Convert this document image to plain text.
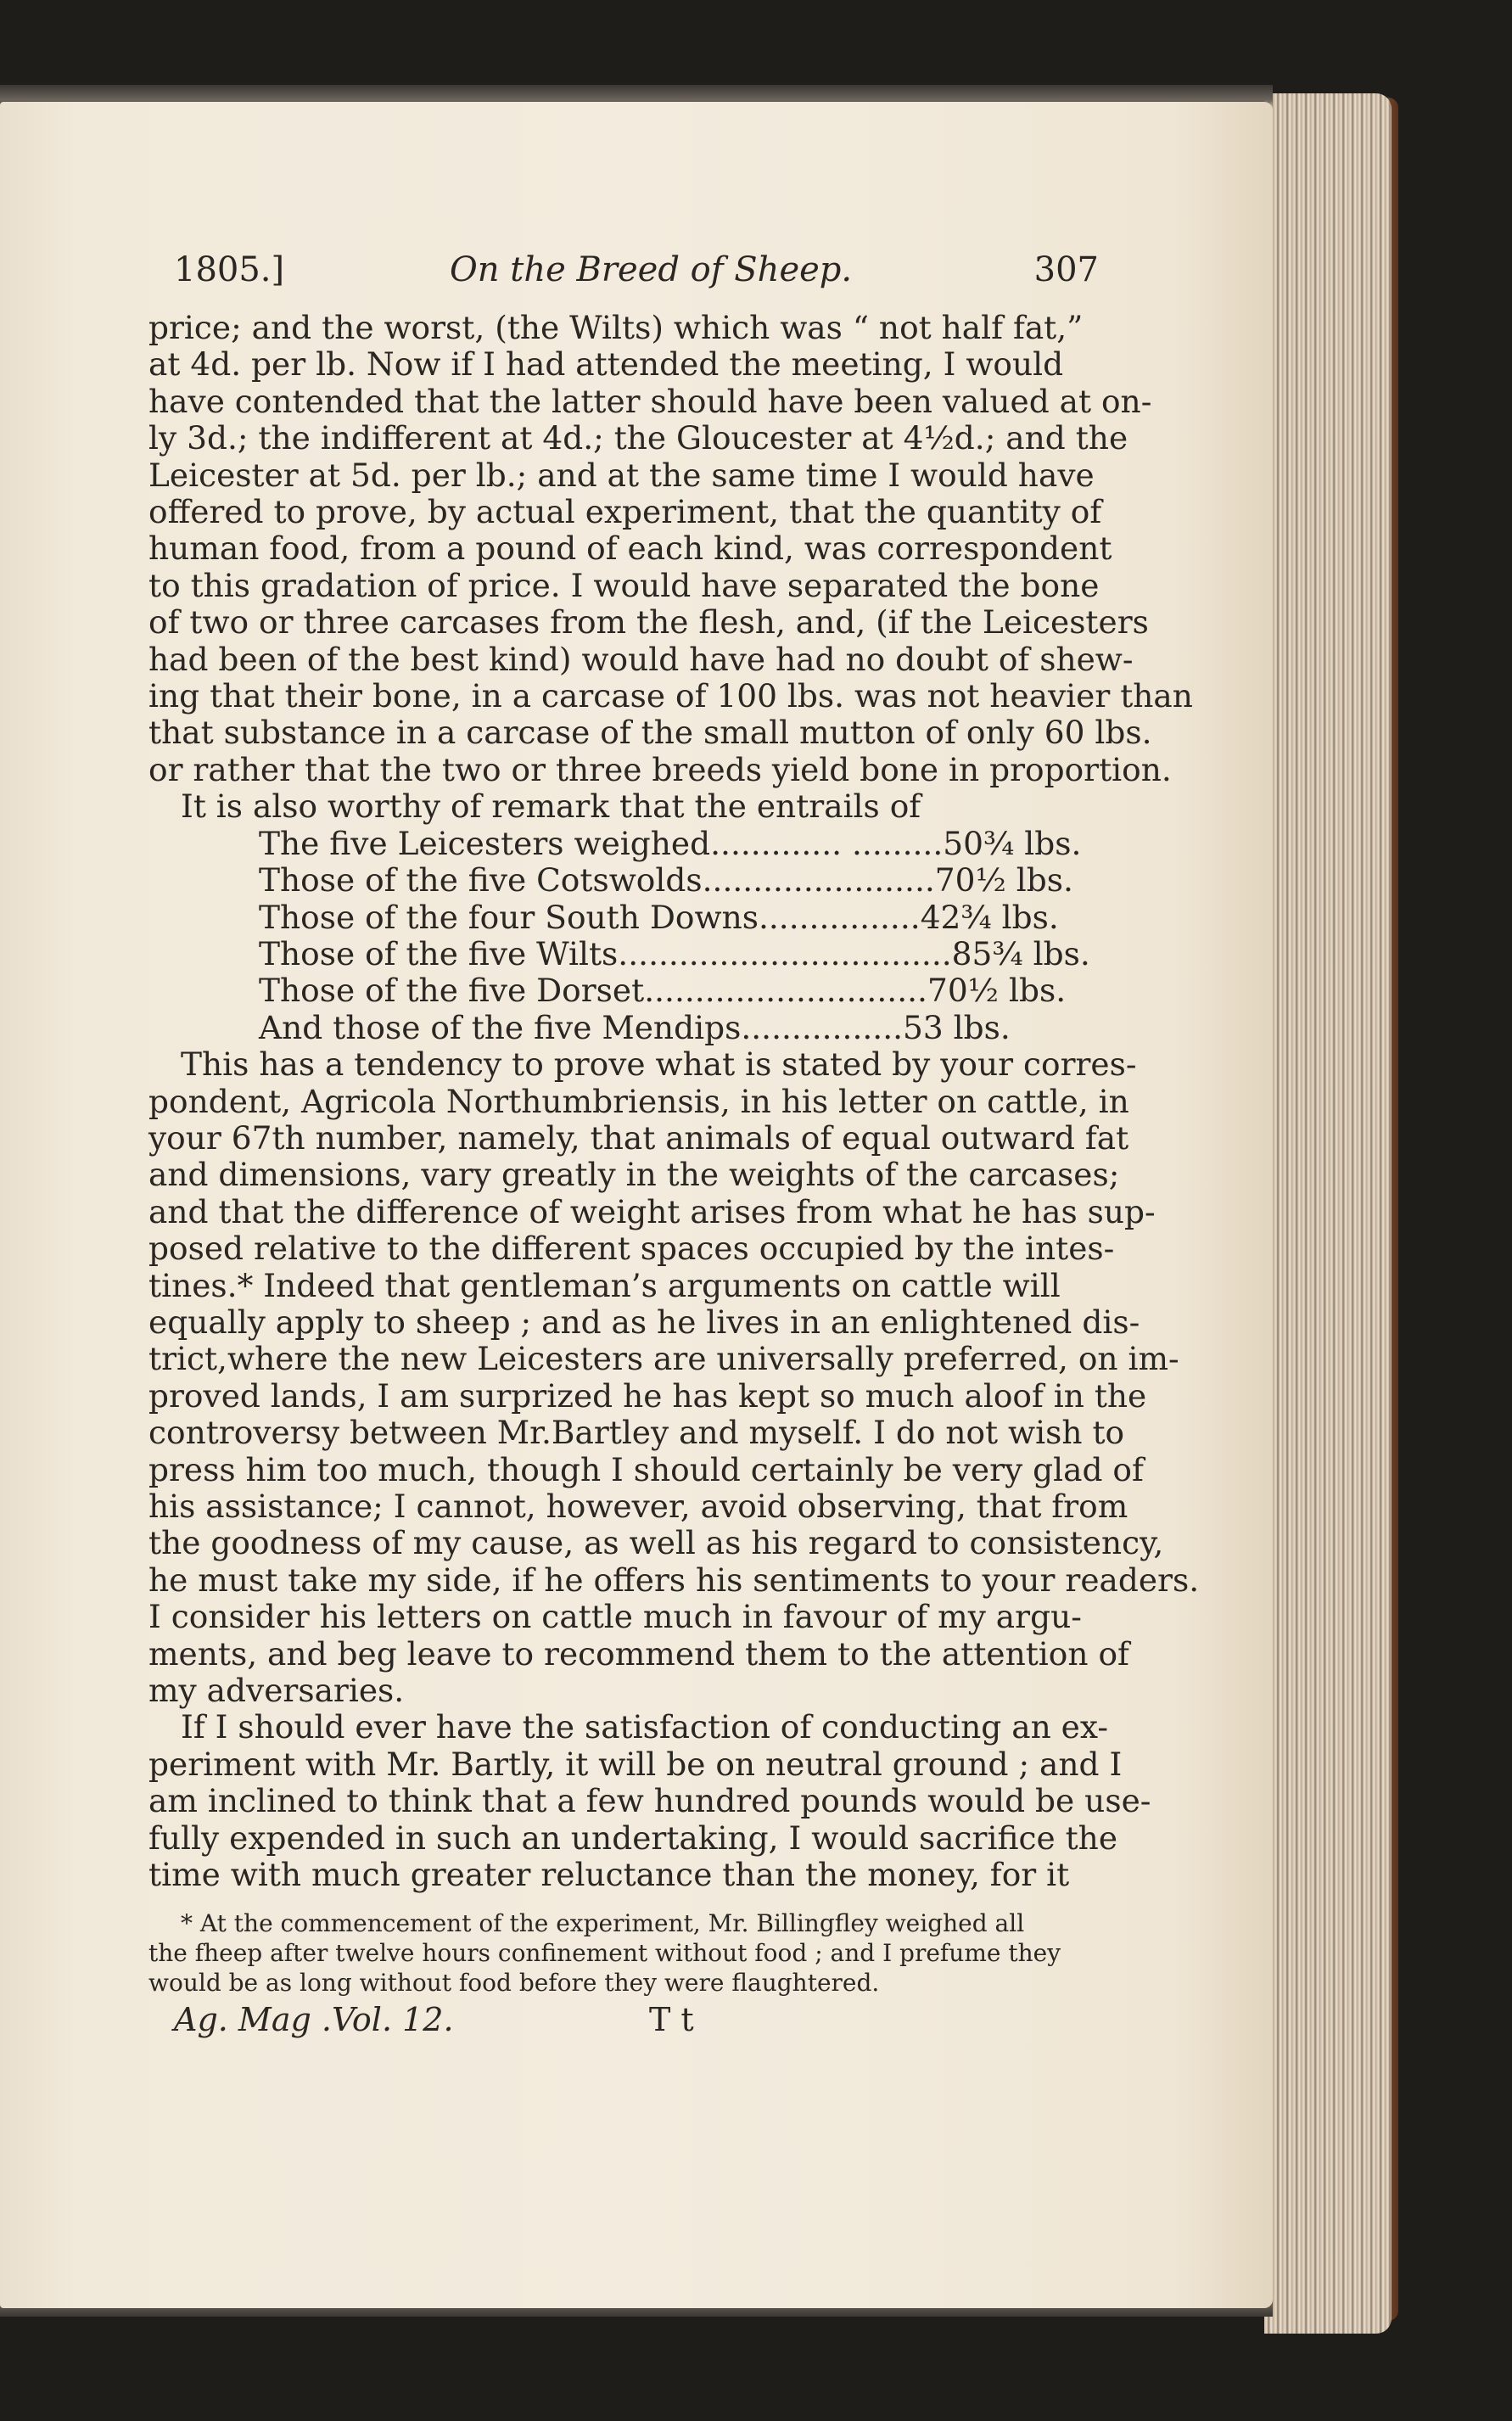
1805.]	On the Breed of Sheep.	307
price; and the worst, (the Wilts) which was “ not half fat,”
at 4d. per lb. Now if I had attended the meeting, I would
have contended that the latter should have been valued at on-
ly 3d.; the indifferent at 4d.; the Gloucester at 4½d.; and the
Leicester at 5d. per lb.; and at the same time I would have
offered to prove, by actual experiment, that the quantity of
human food, from a pound of each kind, was correspondent
to this gradation of price. I would have separated the bone
of two or three carcases from the flesh, and, (if the Leicesters
had been of the best kind) would have had no doubt of shew-
ing that their bone, in a carcase of 100 lbs. was not heavier than
that substance in a carcase of the small mutton of only 60 lbs.
or rather that the two or three breeds yield bone in proportion.
It is also worthy of remark that the entrails of
The five Leicesters weighed............. .........50¾ lbs.
Those of the five Cotswolds.......................70½ lbs.
Those of the four South Downs................42¾ lbs.
Those of the five Wilts.................................85¾ lbs.
Those of the five Dorset............................70½ lbs.
And those of the five Mendips................53 lbs.
This has a tendency to prove what is stated by your corres-
pondent, Agricola Northumbriensis, in his letter on cattle, in
your 67th number, namely, that animals of equal outward fat
and dimensions, vary greatly in the weights of the carcases;
and that the difference of weight arises from what he has sup-
posed relative to the different spaces occupied by the intes-
tines.* Indeed that gentleman’s arguments on cattle will
equally apply to sheep ; and as he lives in an enlightened dis-
trict,where the new Leicesters are universally preferred, on im-
proved lands, I am surprized he has kept so much aloof in the
controversy between Mr.Bartley and myself. I do not wish to
press him too much, though I should certainly be very glad of
his assistance; I cannot, however, avoid observing, that from
the goodness of my cause, as well as his regard to consistency,
he must take my side, if he offers his sentiments to your readers.
I consider his letters on cattle much in favour of my argu-
ments, and beg leave to recommend them to the attention of
my adversaries.
If I should ever have the satisfaction of conducting an ex-
periment with Mr. Bartly, it will be on neutral ground ; and I
am inclined to think that a few hundred pounds would be use-
fully expended in such an undertaking, I would sacrifice the
time with much greater reluctance than the money, for it
* At the commencement of the experiment, Mr. Billingfley weighed all
the fheep after twelve hours confinement without food ; and I prefume they
would be as long without food before they were flaughtered.
Ag. Mag .Vol. 12.	T t
